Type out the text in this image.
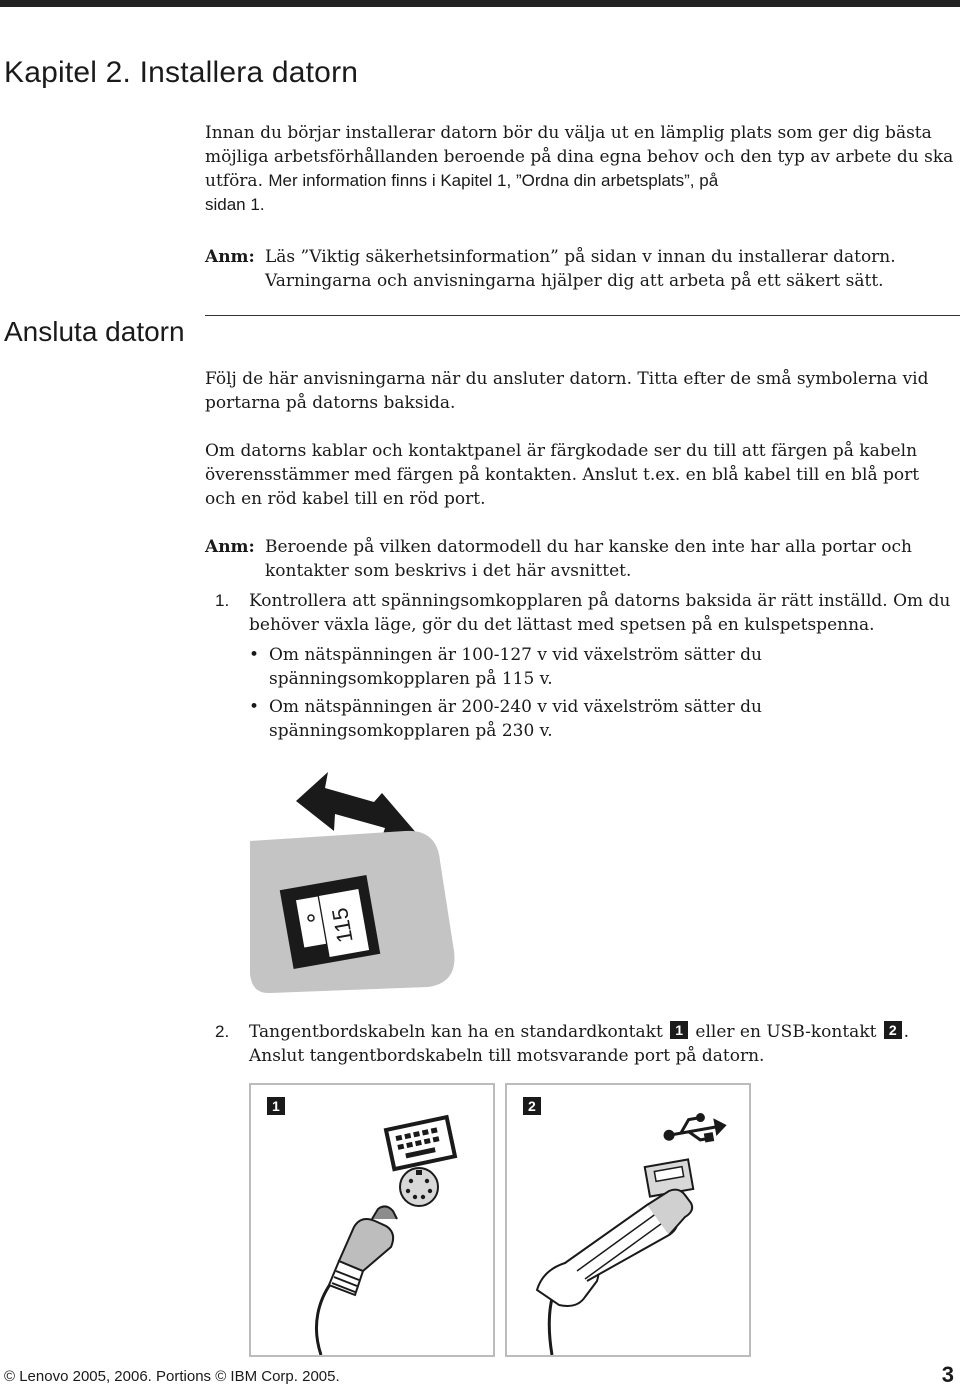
Kapitel 2. Installera datorn

Innan du börjar installerar datorn bör du välja ut en lämplig plats som ger dig bästa möjliga arbetsförhållanden beroende på dina egna behov och den typ av arbete du ska utföra. Mer information finns i Kapitel 1, ”Ordna din arbetsplats”, på
sidan 1.

Anm: Läs ”Viktig säkerhetsinformation” på sidan v innan du installerar datorn. Varningarna och anvisningarna hjälper dig att arbeta på ett säkert sätt.
Ansluta datorn

Följ de här anvisningarna när du ansluter datorn. Titta efter de små symbolerna vid portarna på datorns baksida.

Om datorns kablar och kontaktpanel är färgkodade ser du till att färgen på kabeln överensstämmer med färgen på kontakten. Anslut t.ex. en blå kabel till en blå port och en röd kabel till en röd port.

Anm: Beroende på vilken datormodell du har kanske den inte har alla portar och kontakter som beskrivs i det här avsnittet.
1. Kontrollera att spänningsomkopplaren på datorns baksida är rätt inställd. Om du behöver växla läge, gör du det lättast med spetsen på en kulspetspenna.
• Om nätspänningen är 100-127 v vid växelström sätter du spänningsomkopplaren på 115 v.
• Om nätspänningen är 200-240 v vid växelström sätter du spänningsomkopplaren på 230 v.
115
2. Tangentbordskabeln kan ha en standardkontakt 1 eller en USB-kontakt 2 . Anslut tangentbordskabeln till motsvarande port på datorn.
1	2
© Lenovo 2005, 2006. Portions © IBM Corp. 2005.	3
